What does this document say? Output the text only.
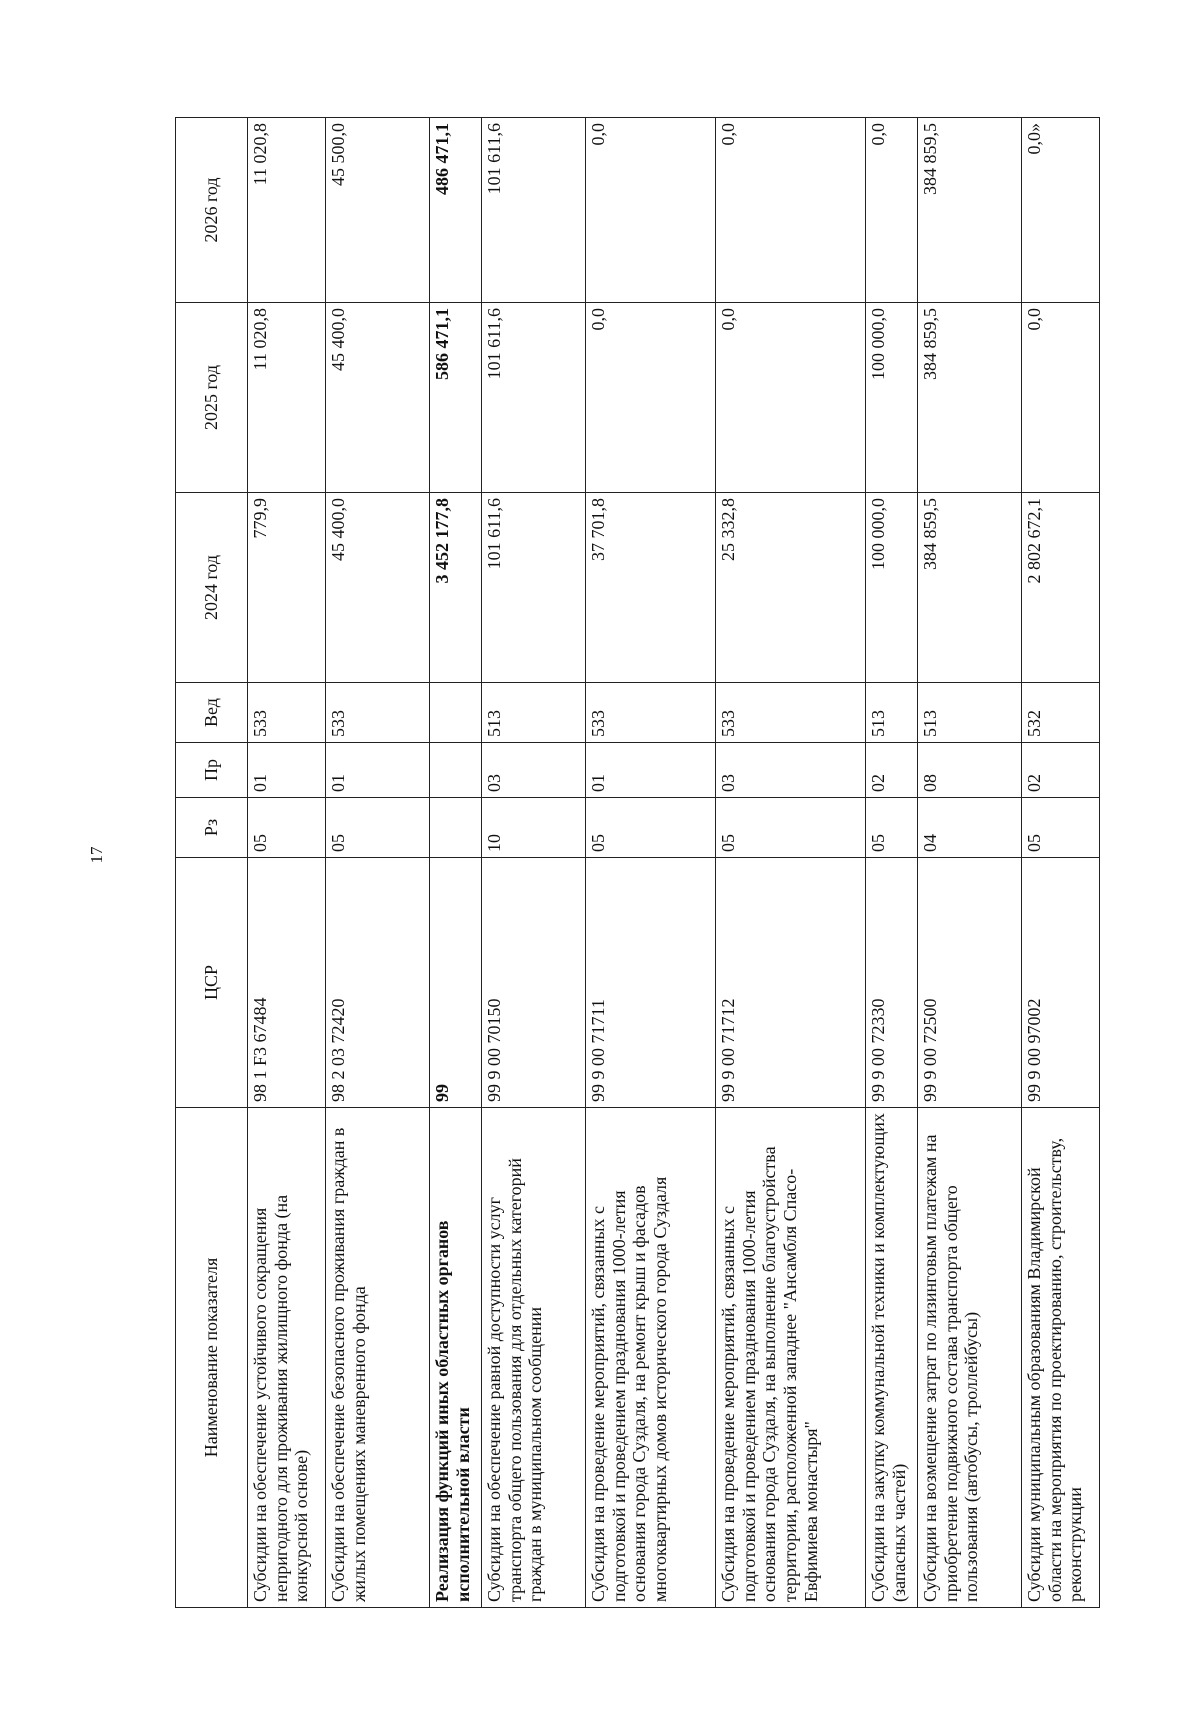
17
Наименование показателя	ЦСР	Рз	Пр	Вед	2024 год	2025 год	2026 год
Субсидии на обеспечение устойчивого сокращения непригодного для проживания жилищного фонда (на конкурсной основе)	98 1 F3 67484	05	01	533	779,9	11 020,8	11 020,8
Субсидии на обеспечение безопасного проживания граждан в жилых помещениях маневренного фонда	98 2 03 72420	05	01	533	45 400,0	45 400,0	45 500,0
Реализация функций иных областных органов исполнительной власти	99				3 452 177,8	586 471,1	486 471,1
Субсидии на обеспечение равной доступности услуг транспорта общего пользования для отдельных категорий граждан в муниципальном сообщении	99 9 00 70150	10	03	513	101 611,6	101 611,6	101 611,6
Субсидия на проведение мероприятий, связанных с подготовкой и проведением празднования 1000-летия основания города Суздаля, на ремонт крыш и фасадов многоквартирных домов исторического города Суздаля	99 9 00 71711	05	01	533	37 701,8	0,0	0,0
Субсидия на проведение мероприятий, связанных с подготовкой и проведением празднования 1000-летия основания города Суздаля, на выполнение благоустройства территории, расположенной западнее "Ансамбля Спасо-Евфимиева монастыря"	99 9 00 71712	05	03	533	25 332,8	0,0	0,0
Субсидии на закупку коммунальной техники и комплектующих (запасных частей)	99 9 00 72330	05	02	513	100 000,0	100 000,0	0,0
Субсидии на возмещение затрат по лизинговым платежам на приобретение подвижного состава транспорта общего пользования (автобусы, троллейбусы)	99 9 00 72500	04	08	513	384 859,5	384 859,5	384 859,5
Субсидии муниципальным образованиям Владимирской области на мероприятия по проектированию, строительству, реконструкции	99 9 00 97002	05	02	532	2 802 672,1	0,0	0,0»
